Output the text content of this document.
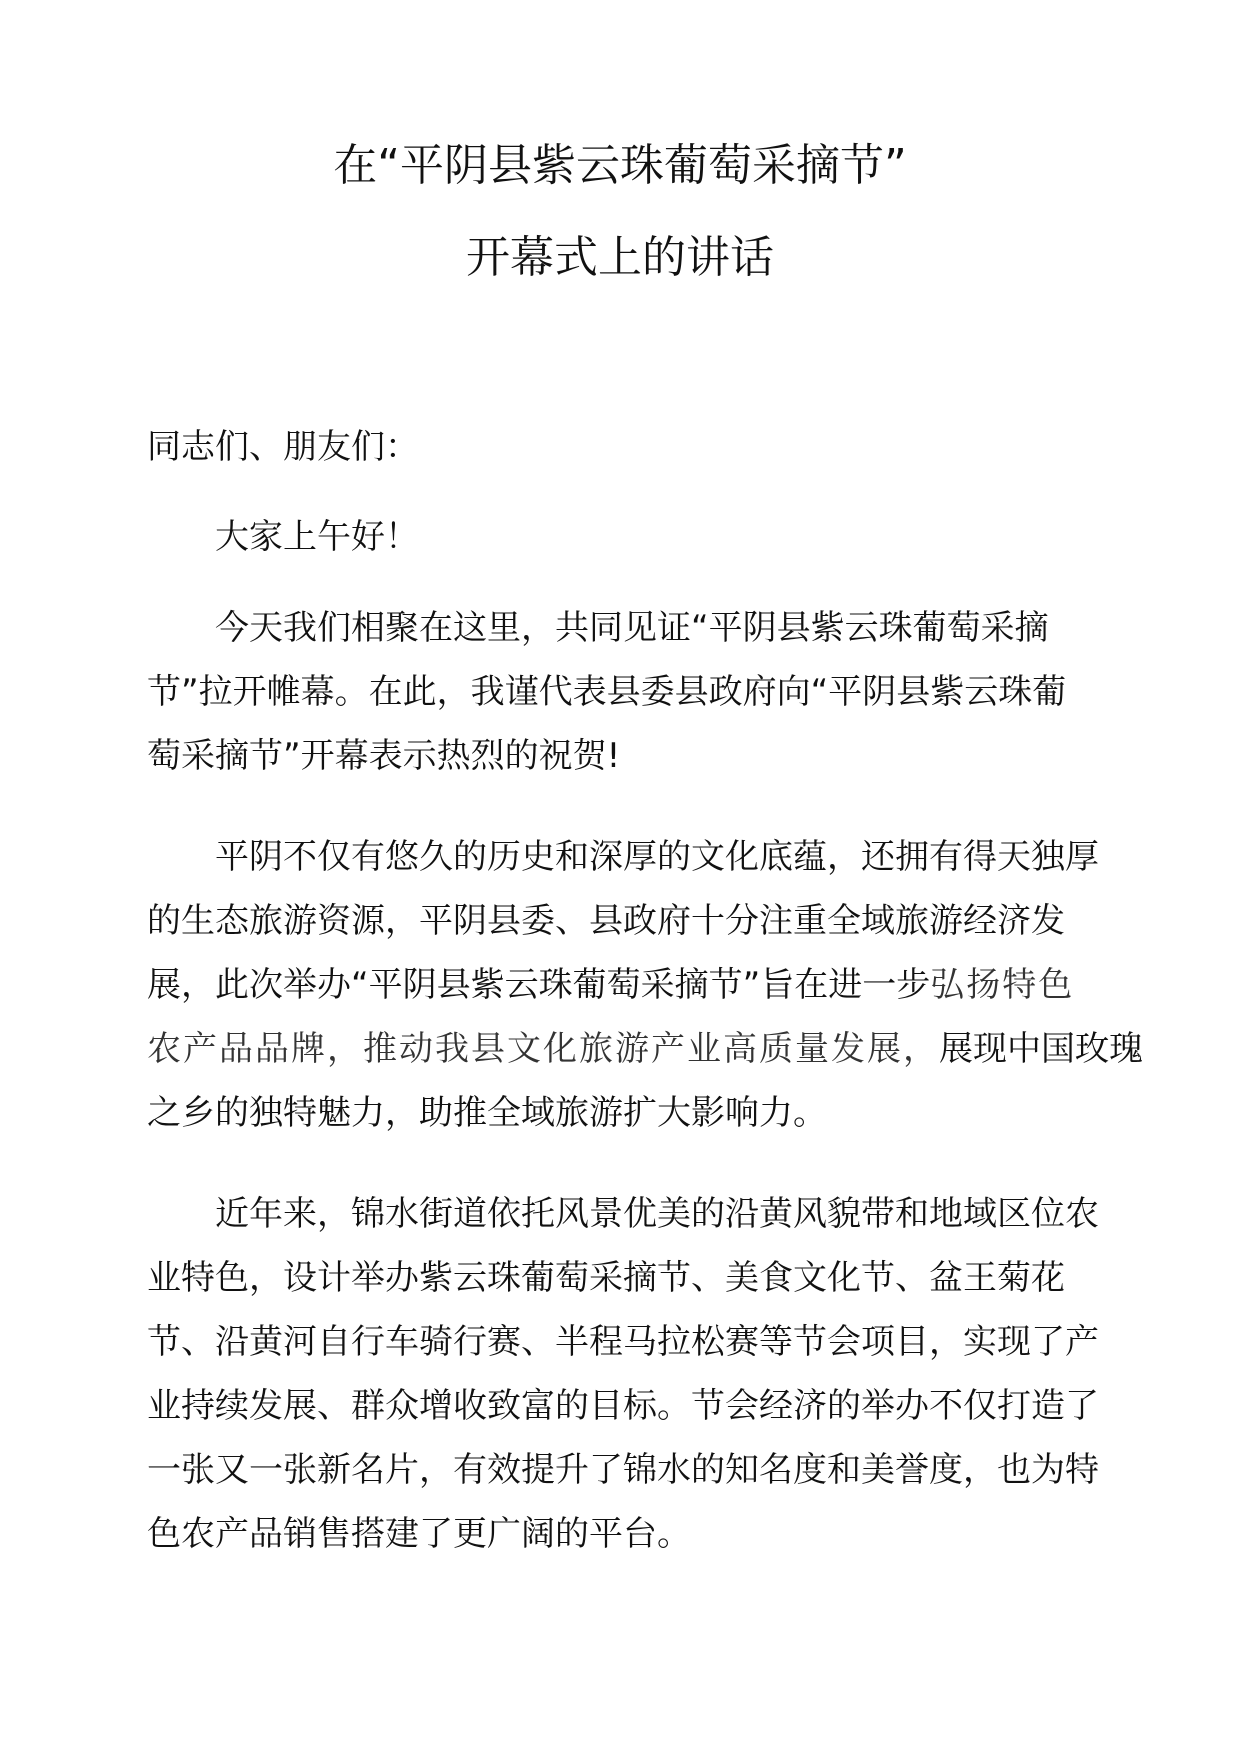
在“平阴县紫云珠葡萄采摘节”
开幕式上的讲话
同志们、朋友们：
大家上午好！
今天我们相聚在这里，共同见证“平阴县紫云珠葡萄采摘
节”拉开帷幕。在此，我谨代表县委县政府向“平阴县紫云珠葡
萄采摘节”开幕表示热烈的祝贺!
平阴不仅有悠久的历史和深厚的文化底蕴，还拥有得天独厚
的生态旅游资源，平阴县委、县政府十分注重全域旅游经济发
展，此次举办“平阴县紫云珠葡萄采摘节”旨在进一步弘扬特色
农产品品牌，推动我县文化旅游产业高质量发展，展现中国玫瑰
之乡的独特魅力，助推全域旅游扩大影响力。
近年来，锦水街道依托风景优美的沿黄风貌带和地域区位农
业特色，设计举办紫云珠葡萄采摘节、美食文化节、盆王菊花
节、沿黄河自行车骑行赛、半程马拉松赛等节会项目，实现了产
业持续发展、群众增收致富的目标。节会经济的举办不仅打造了
一张又一张新名片，有效提升了锦水的知名度和美誉度，也为特
色农产品销售搭建了更广阔的平台。
